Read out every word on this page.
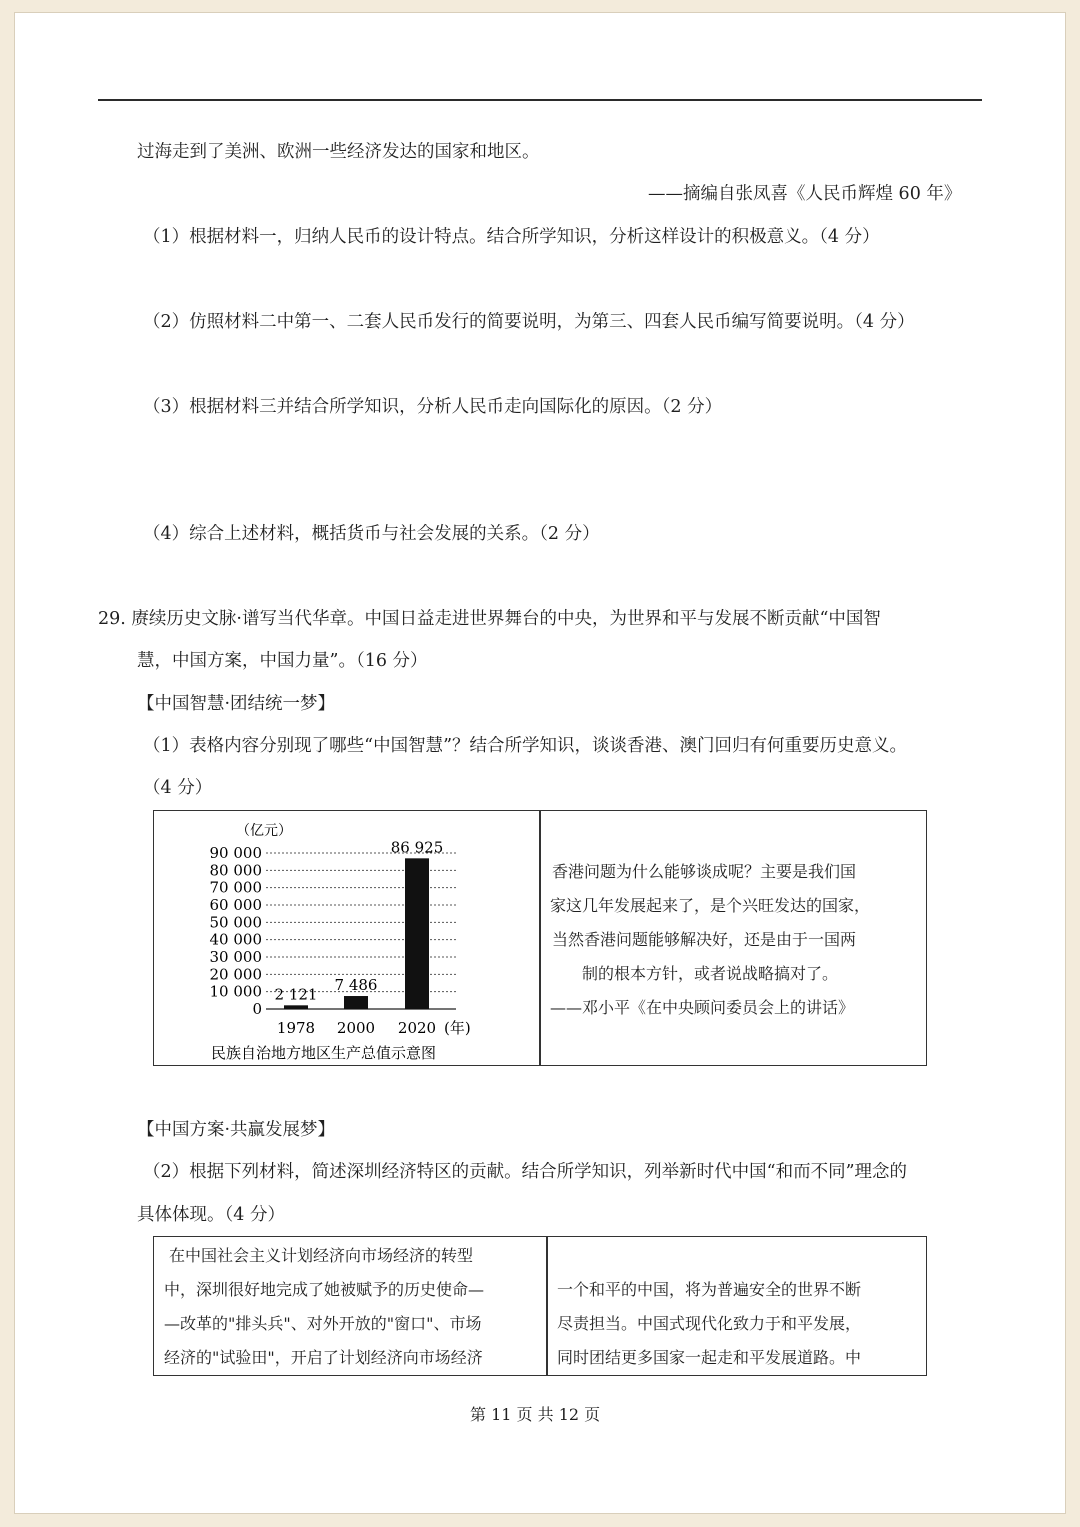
过海走到了美洲、欧洲一些经济发达的国家和地区。
——摘编自张凤喜《人民币辉煌 60 年》
（1）根据材料一，归纳人民币的设计特点。结合所学知识，分析这样设计的积极意义。（4 分）
（2）仿照材料二中第一、二套人民币发行的简要说明，为第三、四套人民币编写简要说明。（4 分）
（3）根据材料三并结合所学知识，分析人民币走向国际化的原因。（2 分）
（4）综合上述材料，概括货币与社会发展的关系。（2 分）
29. 赓续历史文脉·谱写当代华章。中国日益走进世界舞台的中央，为世界和平与发展不断贡献“中国智
慧，中国方案，中国力量”。（16 分）
【中国智慧·团结统一梦】
（1）表格内容分别现了哪些“中国智慧”？结合所学知识，谈谈香港、澳门回归有何重要历史意义。
（4 分）
0
10 000
20 000
30 000
40 000
50 000
60 000
70 000
80 000
90 000
2 121
7 486
86 925
1978 2000 2020
（亿元）
(年)
民族自治地方地区生产总值示意图
香港问题为什么能够谈成呢？主要是我们国
家这几年发展起来了，是个兴旺发达的国家，
当然香港问题能够解决好，还是由于一国两
制的根本方针，或者说战略搞对了。
——邓小平《在中央顾问委员会上的讲话》
【中国方案·共赢发展梦】
（2）根据下列材料，简述深圳经济特区的贡献。结合所学知识，列举新时代中国“和而不同”理念的
具体体现。（4 分）
在中国社会主义计划经济向市场经济的转型
中，深圳很好地完成了她被赋予的历史使命—
—改革的"排头兵"、对外开放的"窗口"、市场
经济的"试验田"，开启了计划经济向市场经济
一个和平的中国，将为普遍安全的世界不断
尽责担当。中国式现代化致力于和平发展，
同时团结更多国家一起走和平发展道路。中
第 11 页 共 12 页
